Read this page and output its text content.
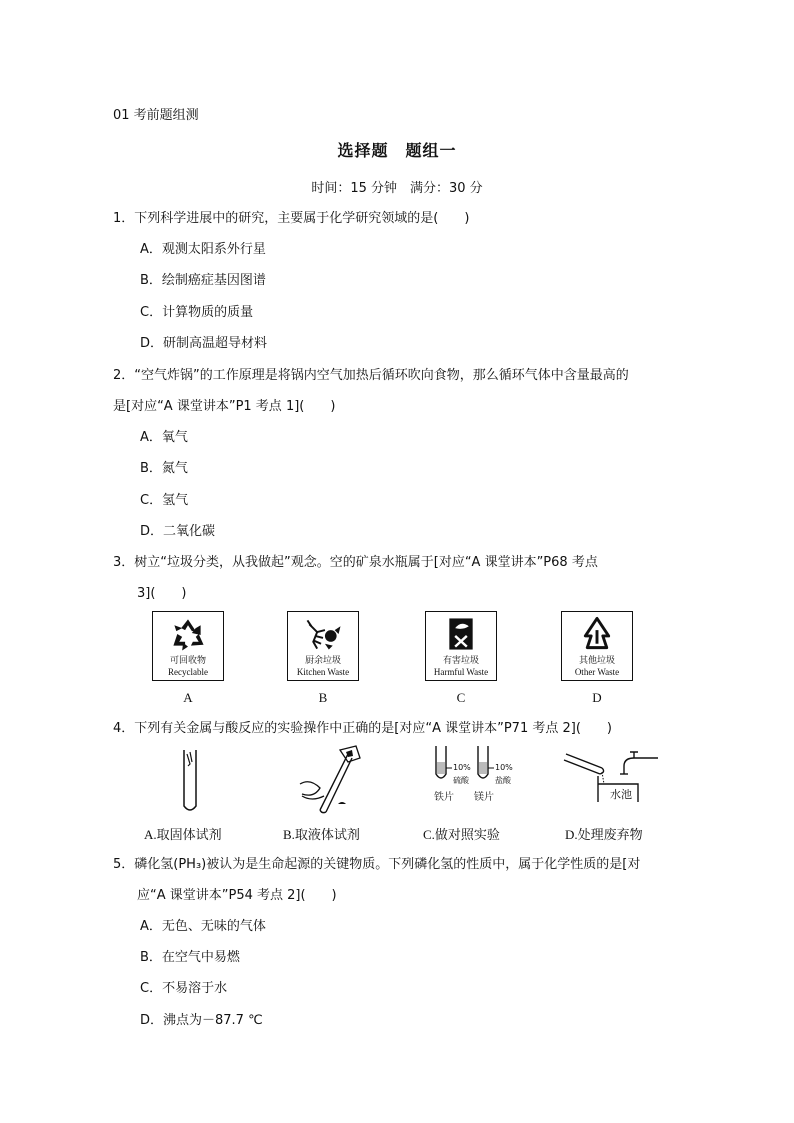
01 考前题组测
选择题　题组一
时间：15 分钟　满分：30 分
1．下列科学进展中的研究，主要属于化学研究领域的是(　　)
A．观测太阳系外行星
B．绘制癌症基因图谱
C．计算物质的质量
D．研制高温超导材料
2．“空气炸锅”的工作原理是将锅内空气加热后循环吹向食物，那么循环气体中含量最高的
是[对应“A 课堂讲本”P1 考点 1](　　)
A．氧气
B．氮气
C．氢气
D．二氧化碳
3．树立“垃圾分类，从我做起”观念。空的矿泉水瓶属于[对应“A 课堂讲本”P68 考点
3](　　)
可回收物
Recyclable
厨余垃圾
Kitchen Waste
有害垃圾
Harmful Waste
其他垃圾
Other Waste
A	B	C	D
4．下列有关金属与酸反应的实验操作中正确的是[对应“A 课堂讲本”P71 考点 2](　　)
10%
硫酸
10%
盐酸
铁片 镁片	水池
A.取固体试剂	B.取液体试剂	C.做对照实验	D.处理废弃物
5．磷化氢(PH₃)被认为是生命起源的关键物质。下列磷化氢的性质中，属于化学性质的是[对
应“A 课堂讲本”P54 考点 2](　　)
A．无色、无味的气体
B．在空气中易燃
C．不易溶于水
D．沸点为－87.7 ℃
